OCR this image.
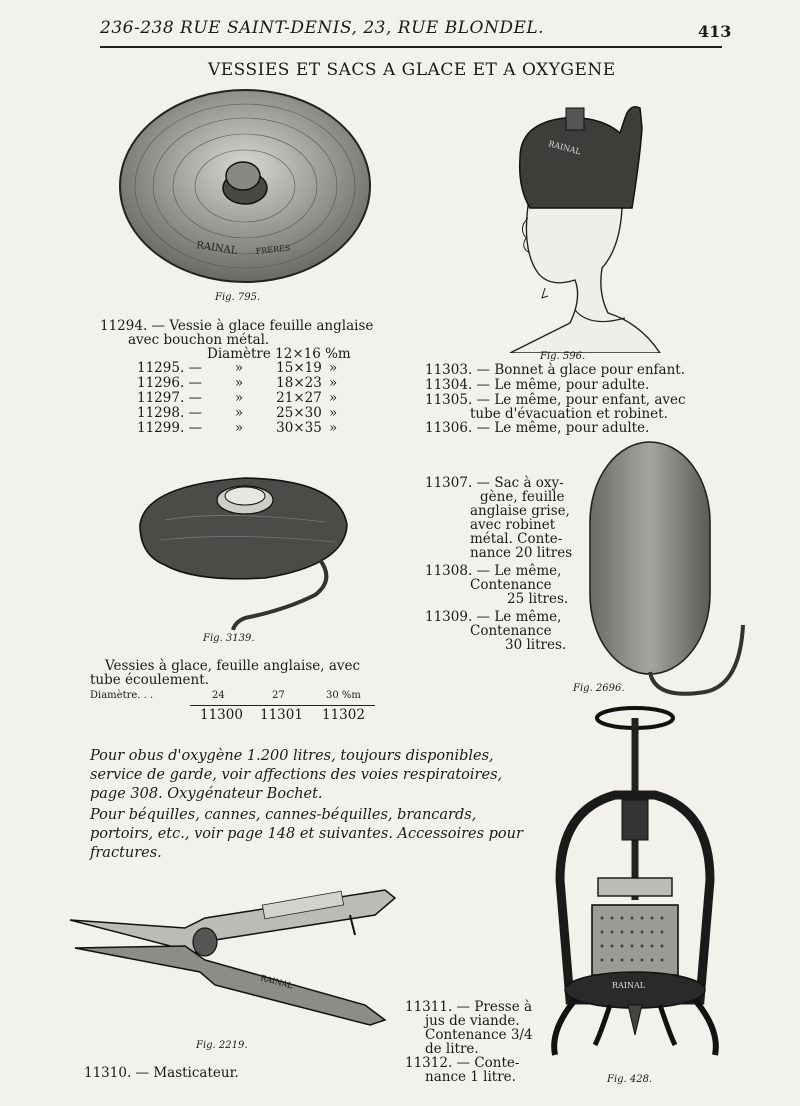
236-238 RUE SAINT-DENIS, 23, RUE BLONDEL.	413
VESSIES ET SACS A GLACE ET A OXYGENE
RAINAL FRERES
Fig. 795.
11294. — Vessie à glace feuille anglaise
avec bouchon métal.
Diamètre 12×16 %m
11295. — » 15×19 »
11296. — » 18×23 »
11297. — » 21×27 »
11298. — » 25×30 »
11299. — » 30×35 »
RAINAL
Fig. 596.
11303. — Bonnet à glace pour enfant.
11304. — Le même, pour adulte.
11305. — Le même, pour enfant, avec
tube d'évacuation et robinet.
11306. — Le même, pour adulte.
Fig. 3139.
Vessies à glace, feuille anglaise, avec
tube écoulement.
Diamètre. . .	24	27	30 %m
11300 11301 11302
11307. — Sac à oxy-
gène, feuille
anglaise grise,
avec robinet
métal. Conte-
nance 20 litres
11308. — Le même,
Contenance
25 litres.
11309. — Le même,
Contenance
30 litres.
Fig. 2696.
Pour obus d'oxygène 1.200 litres, toujours disponibles, service de garde, voir affections des voies respiratoires, page 308. Oxygénateur Bochet.
Pour béquilles, cannes, cannes-béquilles, brancards, portoirs, etc., voir page 148 et suivantes. Accessoires pour fractures.
RAINAL
Fig. 2219.
11310. — Masticateur.
RAINAL
Fig. 428.
11311. — Presse à
jus de viande.
Contenance 3/4
de litre.
11312. — Conte-
nance 1 litre.
